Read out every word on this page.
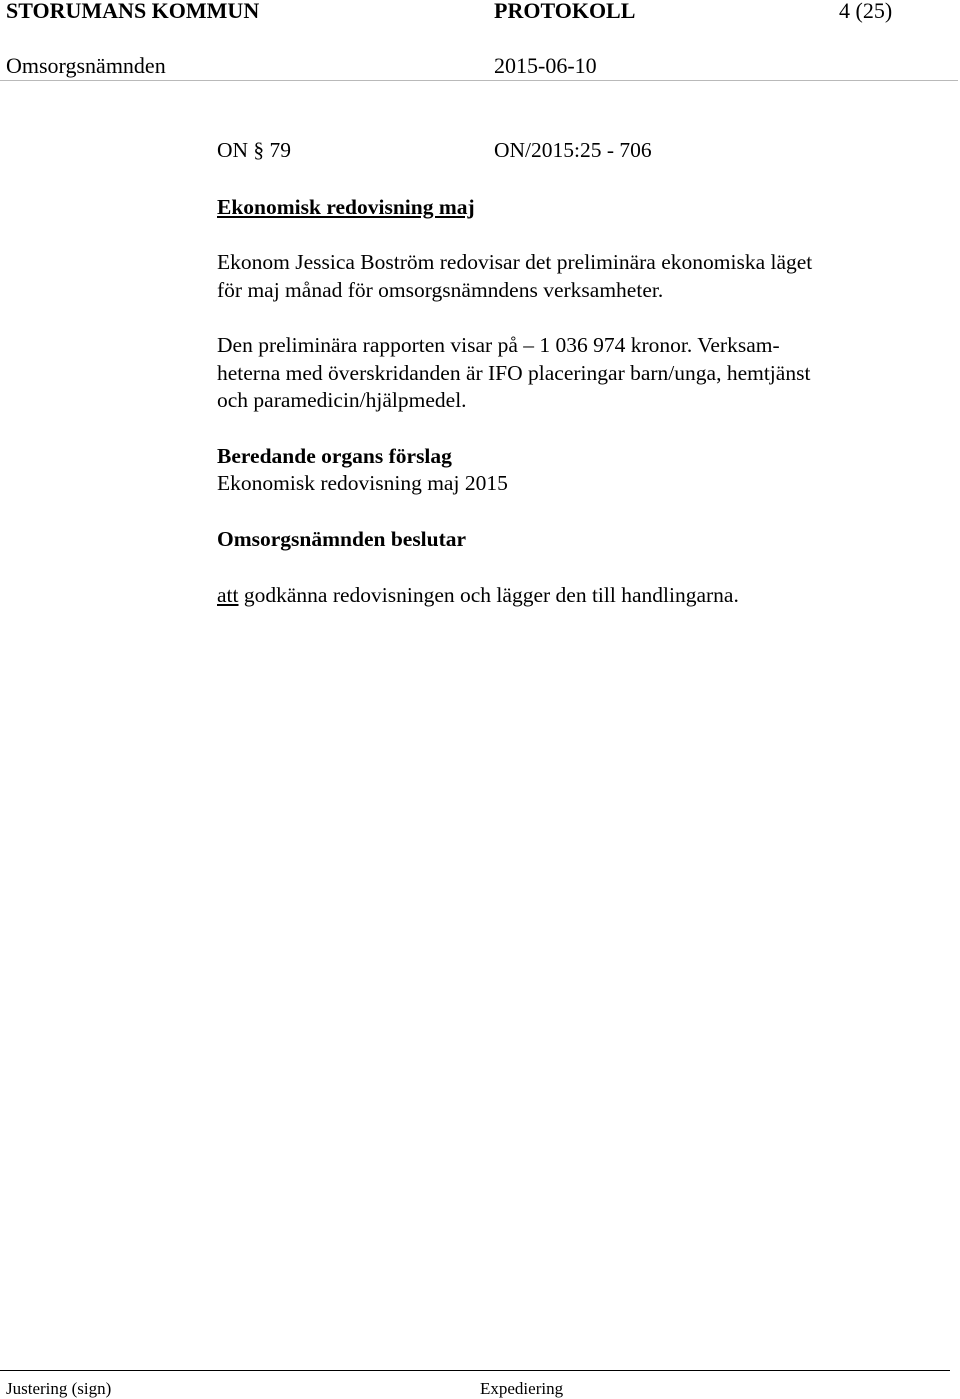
STORUMANS KOMMUN	PROTOKOLL	4 (25)
Omsorgsnämnden	2015-06-10
ON § 79	ON/2015:25 - 706
Ekonomisk redovisning maj
Ekonom Jessica Boström redovisar det preliminära ekonomiska läget
för maj månad för omsorgsnämndens verksamheter.
Den preliminära rapporten visar på – 1 036 974 kronor. Verksam-
heterna med överskridanden är IFO placeringar barn/unga, hemtjänst
och paramedicin/hjälpmedel.
Beredande organs förslag
Ekonomisk redovisning maj 2015
Omsorgsnämnden beslutar
att godkänna redovisningen och lägger den till handlingarna.
Justering (sign)	Expediering
